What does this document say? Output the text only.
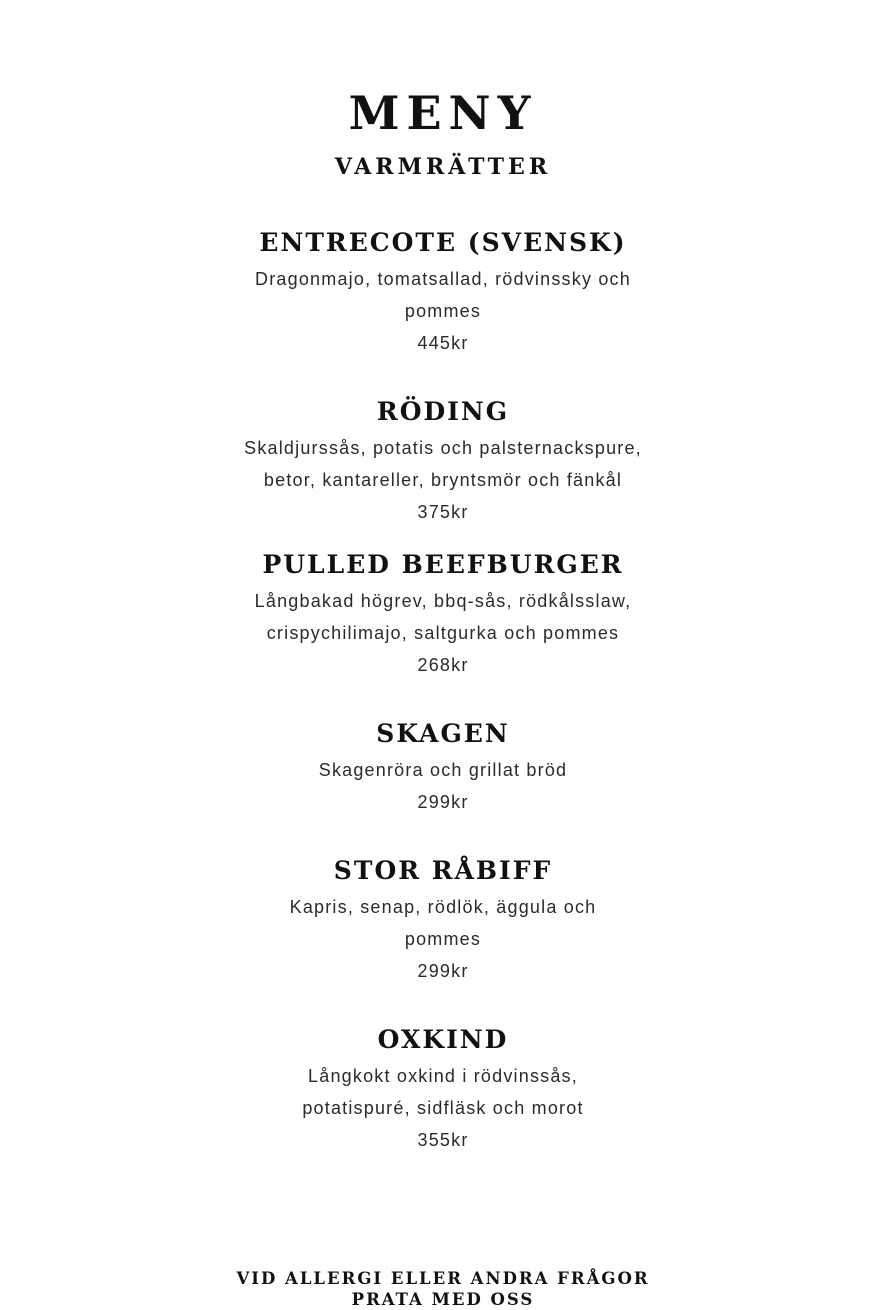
MENY
VARMRÄTTER
ENTRECOTE (SVENSK)
Dragonmajo, tomatsallad, rödvinssky och
pommes
445kr
RÖDING
Skaldjurssås, potatis och palsternackspure,
betor, kantareller, bryntsmör och fänkål
375kr
PULLED BEEFBURGER
Långbakad högrev, bbq-sås, rödkålsslaw,
crispychilimajo, saltgurka och pommes
268kr
SKAGEN
Skagenröra och grillat bröd
299kr
STOR RÅBIFF
Kapris, senap, rödlök, äggula och
pommes
299kr
OXKIND
Långkokt oxkind i rödvinssås,
potatispuré, sidfläsk och morot
355kr
VID ALLERGI ELLER ANDRA FRÅGOR
PRATA MED OSS
